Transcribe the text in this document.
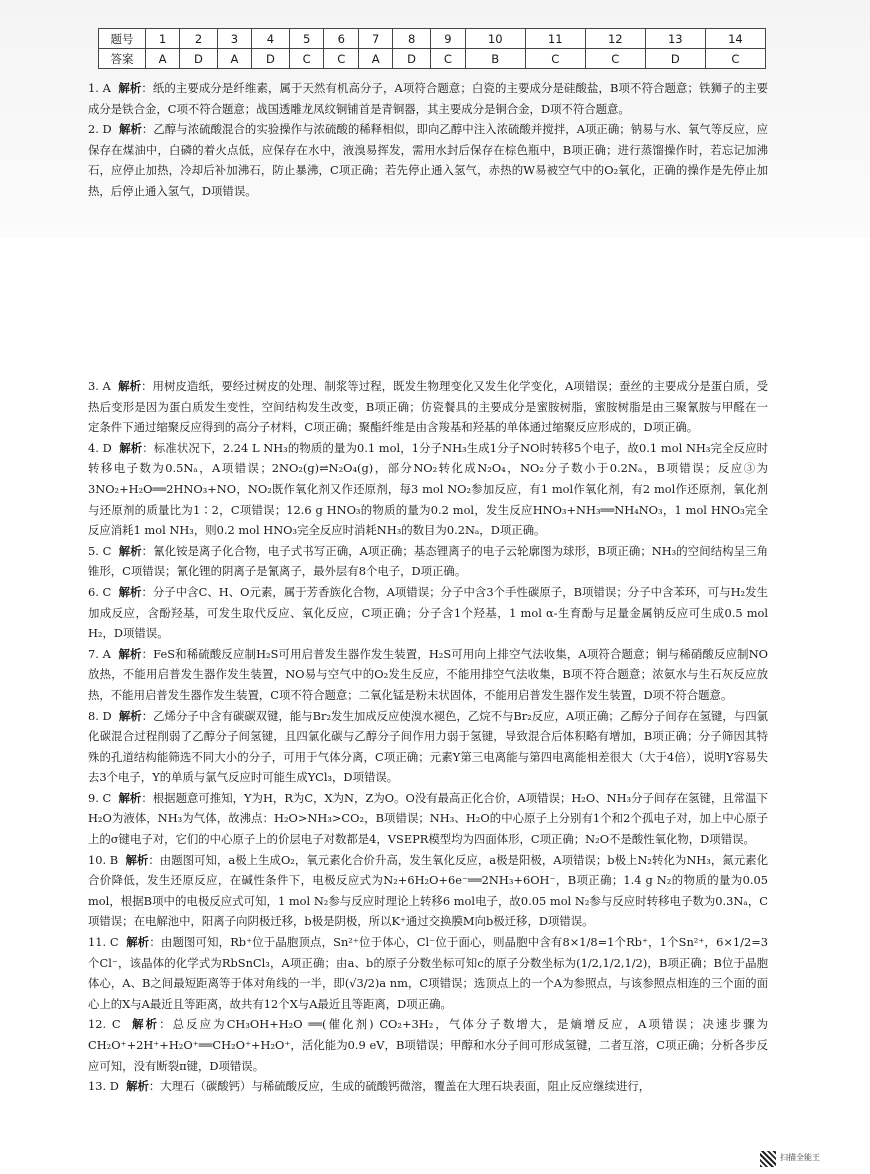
题号	1	2	3	4	5	6	7	8	9	10	11	12	13	14
答案	A	D	A	D	C	C	A	D	C	B	C	C	D	C

1. A 解析：纸的主要成分是纤维素，属于天然有机高分子，A项符合题意；白瓷的主要成分是硅酸盐，B项不符合题意；铁狮子的主要成分是铁合金，C项不符合题意；战国透雕龙凤纹铜铺首是青铜器，其主要成分是铜合金，D项不符合题意。

2. D 解析：乙醇与浓硫酸混合的实验操作与浓硫酸的稀释相似，即向乙醇中注入浓硫酸并搅拌，A项正确；钠易与水、氧气等反应，应保存在煤油中，白磷的着火点低，应保存在水中，液溴易挥发，需用水封后保存在棕色瓶中，B项正确；进行蒸馏操作时，若忘记加沸石，应停止加热，冷却后补加沸石，防止暴沸，C项正确；若先停止通入氢气，赤热的W易被空气中的O₂氧化，正确的操作是先停止加热，后停止通入氢气，D项错误。

3. A 解析：用树皮造纸，要经过树皮的处理、制浆等过程，既发生物理变化又发生化学变化，A项错误；蚕丝的主要成分是蛋白质，受热后变形是因为蛋白质发生变性，空间结构发生改变，B项正确；仿瓷餐具的主要成分是蜜胺树脂，蜜胺树脂是由三聚氰胺与甲醛在一定条件下通过缩聚反应得到的高分子材料，C项正确；聚酯纤维是由含羧基和羟基的单体通过缩聚反应形成的，D项正确。

4. D 解析：标准状况下，2.24 L NH₃的物质的量为0.1 mol，1分子NH₃生成1分子NO时转移5个电子，故0.1 mol NH₃完全反应时转移电子数为0.5Nₐ，A项错误；2NO₂(g)⇌N₂O₄(g)，部分NO₂转化成N₂O₄，NO₂分子数小于0.2Nₐ，B项错误；反应③为3NO₂+H₂O══2HNO₃+NO，NO₂既作氧化剂又作还原剂，每3 mol NO₂参加反应，有1 mol作氧化剂，有2 mol作还原剂，氧化剂与还原剂的质量比为1∶2，C项错误；12.6 g HNO₃的物质的量为0.2 mol，发生反应HNO₃+NH₃══NH₄NO₃，1 mol HNO₃完全反应消耗1 mol NH₃，则0.2 mol HNO₃完全反应时消耗NH₃的数目为0.2Nₐ，D项正确。

5. C 解析：氰化铵是离子化合物，电子式书写正确，A项正确；基态锂离子的电子云轮廓图为球形，B项正确；NH₃的空间结构呈三角锥形，C项错误；氰化锂的阴离子是氰离子，最外层有8个电子，D项正确。

6. C 解析：分子中含C、H、O元素，属于芳香族化合物，A项错误；分子中含3个手性碳原子，B项错误；分子中含苯环，可与H₂发生加成反应，含酚羟基，可发生取代反应、氧化反应，C项正确；分子含1个羟基，1 mol α-生育酚与足量金属钠反应可生成0.5 mol H₂，D项错误。

7. A 解析：FeS和稀硫酸反应制H₂S可用启普发生器作发生装置，H₂S可用向上排空气法收集，A项符合题意；铜与稀硝酸反应制NO放热，不能用启普发生器作发生装置，NO易与空气中的O₂发生反应，不能用排空气法收集，B项不符合题意；浓氨水与生石灰反应放热，不能用启普发生器作发生装置，C项不符合题意；二氧化锰是粉末状固体，不能用启普发生器作发生装置，D项不符合题意。

8. D 解析：乙烯分子中含有碳碳双键，能与Br₂发生加成反应使溴水褪色，乙烷不与Br₂反应，A项正确；乙醇分子间存在氢键，与四氯化碳混合过程削弱了乙醇分子间氢键，且四氯化碳与乙醇分子间作用力弱于氢键，导致混合后体积略有增加，B项正确；分子筛因其特殊的孔道结构能筛选不同大小的分子，可用于气体分离，C项正确；元素Y第三电离能与第四电离能相差很大（大于4倍），说明Y容易失去3个电子，Y的单质与氯气反应时可能生成YCl₃，D项错误。

9. C 解析：根据题意可推知，Y为H，R为C，X为N，Z为O。O没有最高正化合价，A项错误；H₂O、NH₃分子间存在氢键，且常温下H₂O为液体，NH₃为气体，故沸点：H₂O>NH₃>CO₂，B项错误；NH₃、H₂O的中心原子上分别有1个和2个孤电子对，加上中心原子上的σ键电子对，它们的中心原子上的价层电子对数都是4，VSEPR模型均为四面体形，C项正确；N₂O不是酸性氧化物，D项错误。

10. B 解析：由题图可知，a极上生成O₂，氧元素化合价升高，发生氧化反应，a极是阳极，A项错误；b极上N₂转化为NH₃，氮元素化合价降低，发生还原反应，在碱性条件下，电极反应式为N₂+6H₂O+6e⁻══2NH₃+6OH⁻，B项正确；1.4 g N₂的物质的量为0.05 mol，根据B项中的电极反应式可知，1 mol N₂参与反应时理论上转移6 mol电子，故0.05 mol N₂参与反应时转移电子数为0.3Nₐ，C项错误；在电解池中，阳离子向阴极迁移，b极是阴极，所以K⁺通过交换膜M向b极迁移，D项错误。

11. C 解析：由题图可知，Rb⁺位于晶胞顶点，Sn²⁺位于体心，Cl⁻位于面心，则晶胞中含有8×1/8=1个Rb⁺，1个Sn²⁺，6×1/2=3个Cl⁻，该晶体的化学式为RbSnCl₃，A项正确；由a、b的原子分数坐标可知c的原子分数坐标为(1/2,1/2,1/2)，B项正确；B位于晶胞体心，A、B之间最短距离等于体对角线的一半，即(√3/2)a nm，C项错误；选顶点上的一个A为参照点，与该参照点相连的三个面的面心上的X与A最近且等距离，故共有12个X与A最近且等距离，D项正确。

12. C 解析：总反应为CH₃OH+H₂O ══(催化剂) CO₂+3H₂，气体分子数增大，是熵增反应，A项错误；决速步骤为CH₂O⁺+2H⁺+H₂O⁺══CH₂O⁺+H₂O⁺，活化能为0.9 eV，B项错误；甲醇和水分子间可形成氢键，二者互溶，C项正确；分析各步反应可知，没有断裂π键，D项错误。

13. D 解析：大理石（碳酸钙）与稀硫酸反应，生成的硫酸钙微溶，覆盖在大理石块表面，阻止反应继续进行，

扫描全能王
